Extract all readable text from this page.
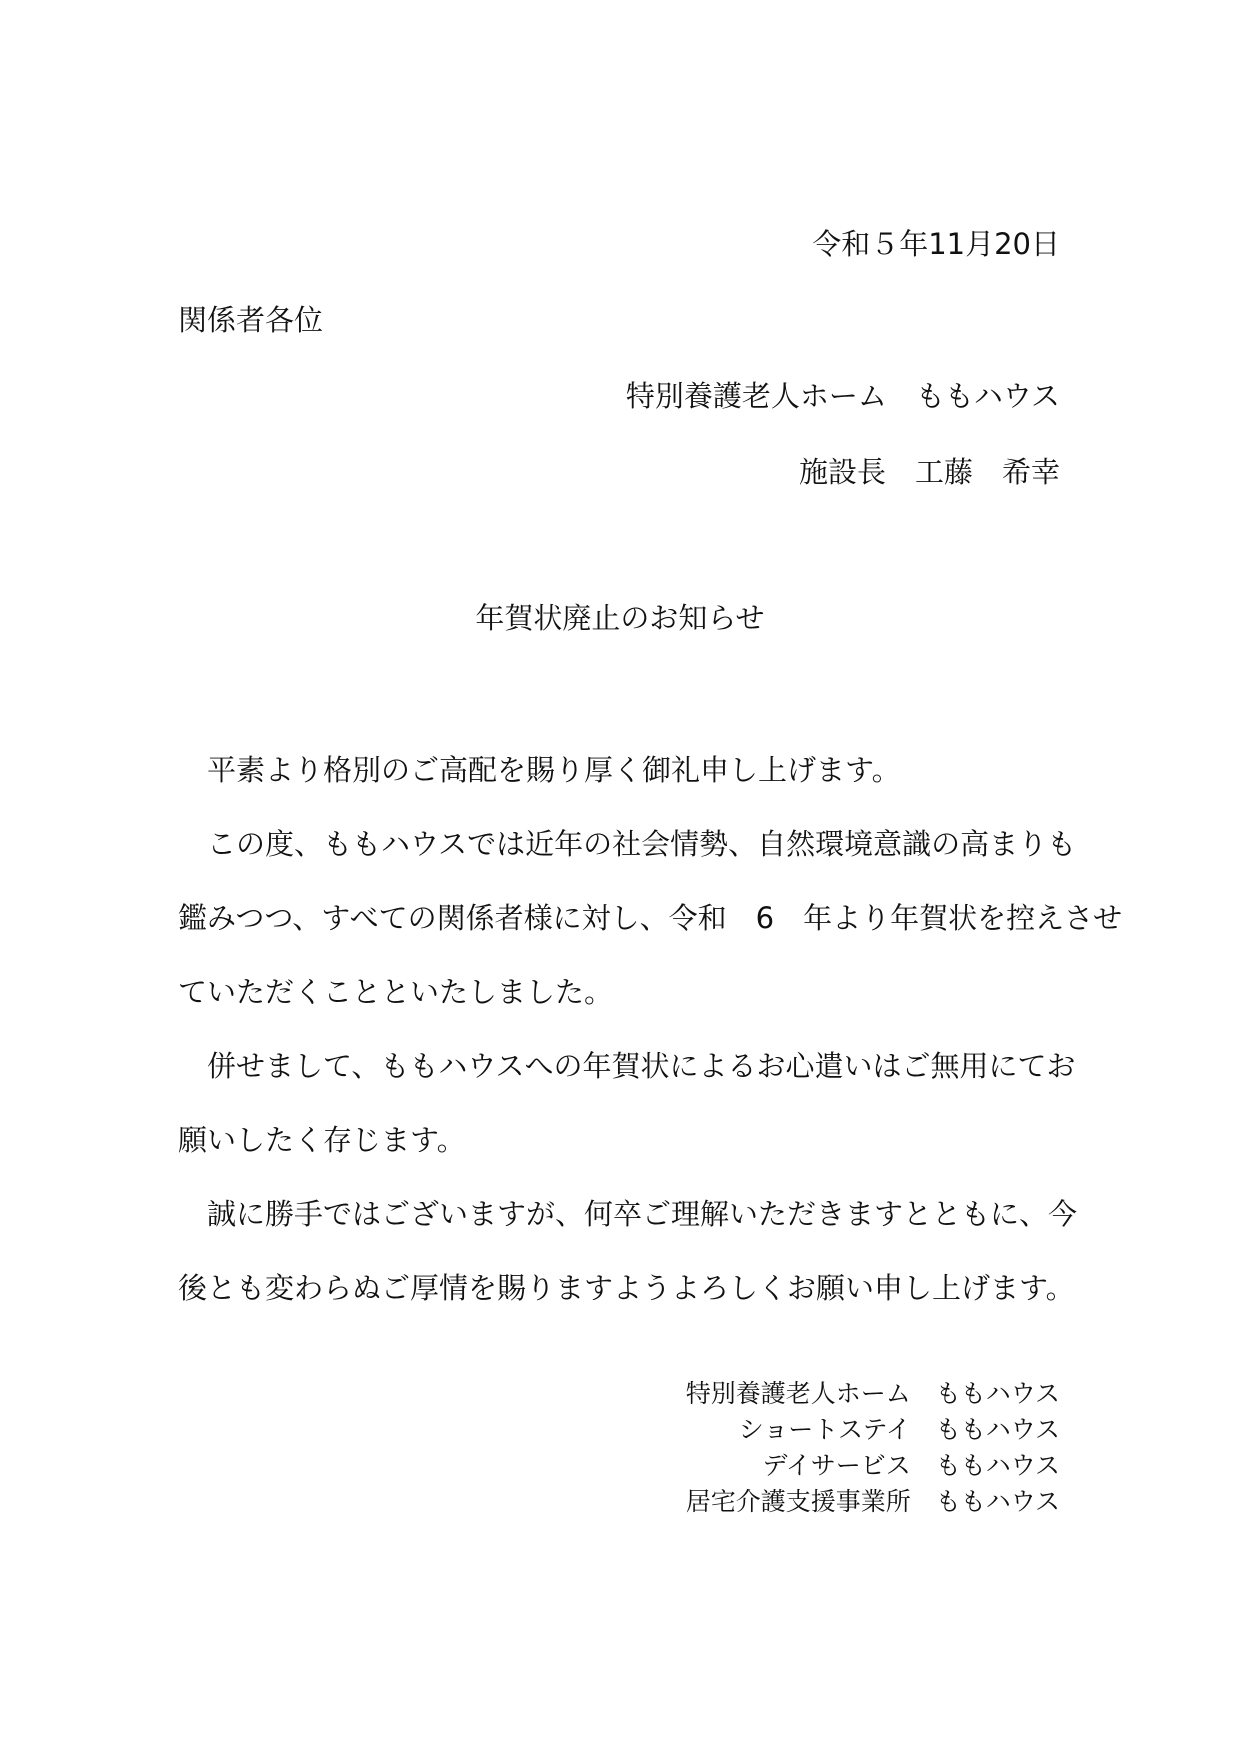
令和５年11月20日
関係者各位
特別養護老人ホーム　ももハウス
施設長　工藤　希幸
年賀状廃止のお知らせ
　平素より格別のご高配を賜り厚く御礼申し上げます。
　この度、ももハウスでは近年の社会情勢、自然環境意識の高まりも
鑑みつつ、すべての関係者様に対し、令和　6　年より年賀状を控えさせ
ていただくことといたしました。
　併せまして、ももハウスへの年賀状によるお心遣いはご無用にてお
願いしたく存じます。
　誠に勝手ではございますが、何卒ご理解いただきますとともに、今
後とも変わらぬご厚情を賜りますようよろしくお願い申し上げます。
特別養護老人ホーム　ももハウス
ショートステイ　ももハウス
デイサービス　ももハウス
居宅介護支援事業所　ももハウス
